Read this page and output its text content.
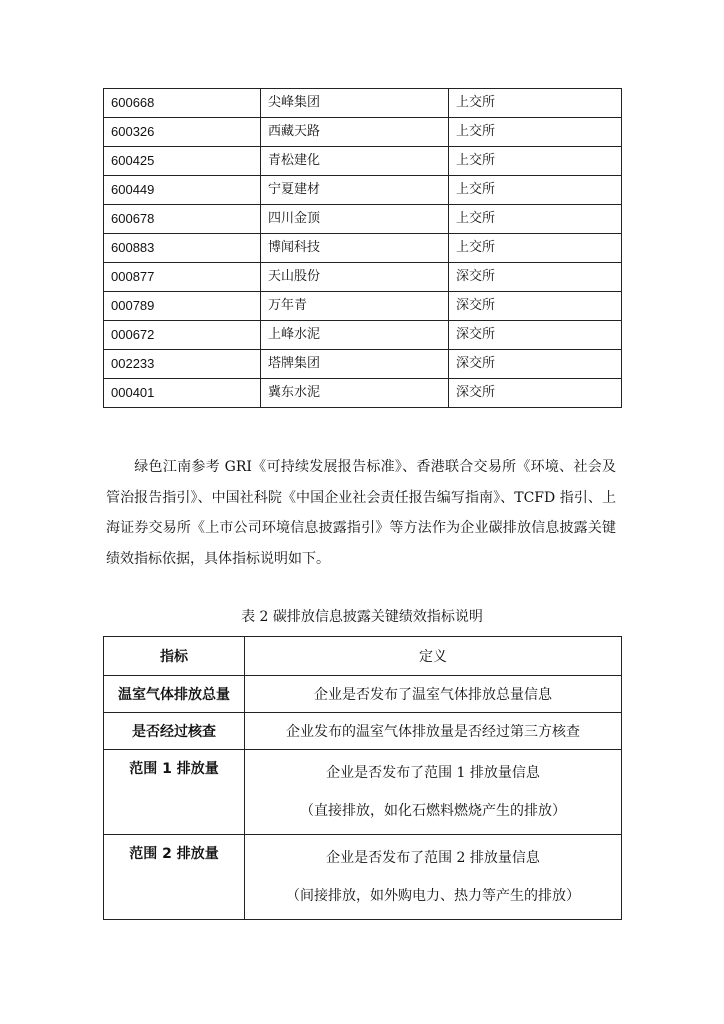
600668	尖峰集团	上交所
600326	西藏天路	上交所
600425	青松建化	上交所
600449	宁夏建材	上交所
600678	四川金顶	上交所
600883	博闻科技	上交所
000877	天山股份	深交所
000789	万年青	深交所
000672	上峰水泥	深交所
002233	塔牌集团	深交所
000401	冀东水泥	深交所

绿色江南参考 GRI《可持续发展报告标准》、香港联合交易所《环境、社会及管治报告指引》、中国社科院《中国企业社会责任报告编写指南》、TCFD 指引、上海证券交易所《上市公司环境信息披露指引》等方法作为企业碳排放信息披露关键绩效指标依据，具体指标说明如下。

表 2 碳排放信息披露关键绩效指标说明

指标	定义
温室气体排放总量	企业是否发布了温室气体排放总量信息
是否经过核查	企业发布的温室气体排放量是否经过第三方核查
范围 1 排放量	企业是否发布了范围 1 排放量信息
（直接排放，如化石燃料燃烧产生的排放）

范围 2 排放量	企业是否发布了范围 2 排放量信息
（间接排放，如外购电力、热力等产生的排放）
